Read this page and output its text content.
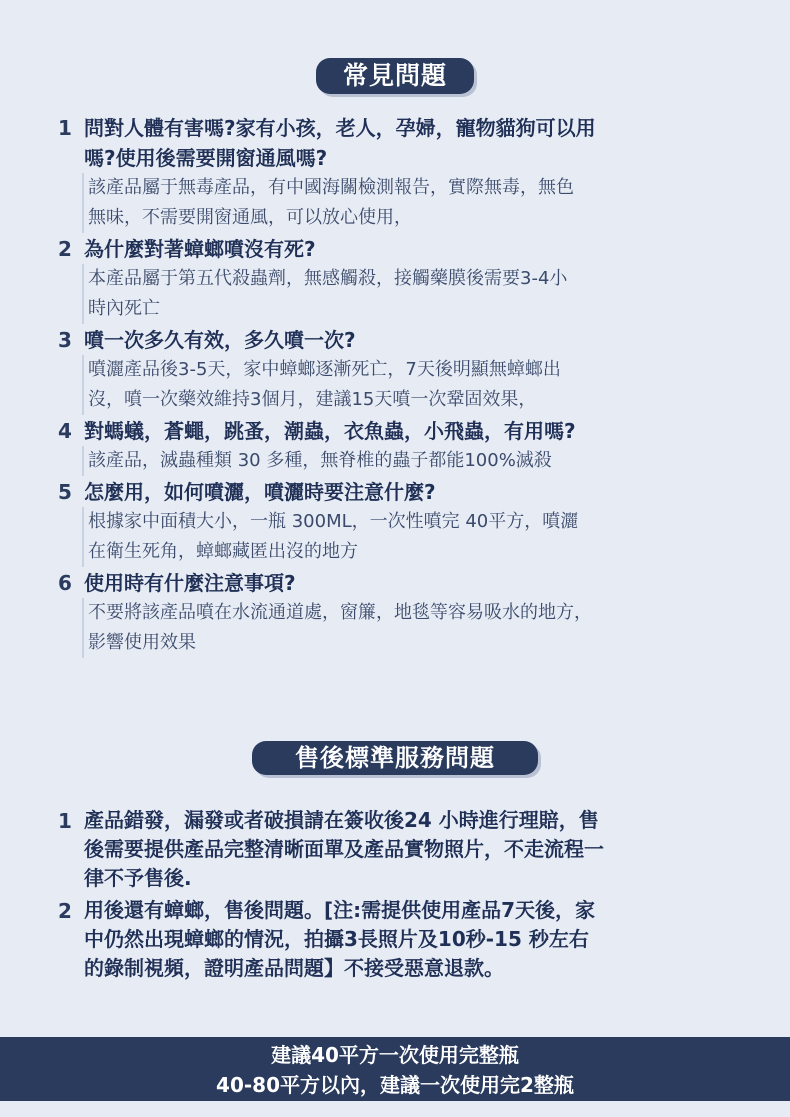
常見問題
1 問對人體有害嗎?家有小孩，老人，孕婦，寵物貓狗可以用
嗎?使用後需要開窗通風嗎?
該產品屬于無毒產品，有中國海關檢測報告，實際無毒，無色
無味，不需要開窗通風，可以放心使用，
2 為什麼對著蟑螂噴沒有死?
本產品屬于第五代殺蟲劑，無感觸殺，接觸藥膜後需要3-4小
時內死亡
3 噴一次多久有效，多久噴一次?
噴灑產品後3-5天，家中蟑螂逐漸死亡，7天後明顯無蟑螂出
沒，噴一次藥效維持3個月，建議15天噴一次鞏固效果，
4 對螞蟻，蒼蠅，跳蚤，潮蟲，衣魚蟲，小飛蟲，有用嗎?
該產品，滅蟲種類 30 多種，無脊椎的蟲子都能100%滅殺
5 怎麼用，如何噴灑，噴灑時要注意什麼?
根據家中面積大小，一瓶 300ML，一次性噴完 40平方，噴灑
在衛生死角，蟑螂藏匿出沒的地方
6 使用時有什麼注意事項?
不要將該產品噴在水流通道處，窗簾，地毯等容易吸水的地方，
影響使用效果
售後標準服務問題
1 產品錯發，漏發或者破損請在簽收後24 小時進行理賠，售
後需要提供產品完整清晰面單及產品實物照片，不走流程一
律不予售後.
2 用後還有蟑螂，售後問題。[注:需提供使用產品7天後，家
中仍然出現蟑螂的情況，拍攝3長照片及10秒-15 秒左右
的錄制視頻，證明產品問題】不接受惡意退款。
建議40平方一次使用完整瓶
40-80平方以內，建議一次使用完2整瓶
